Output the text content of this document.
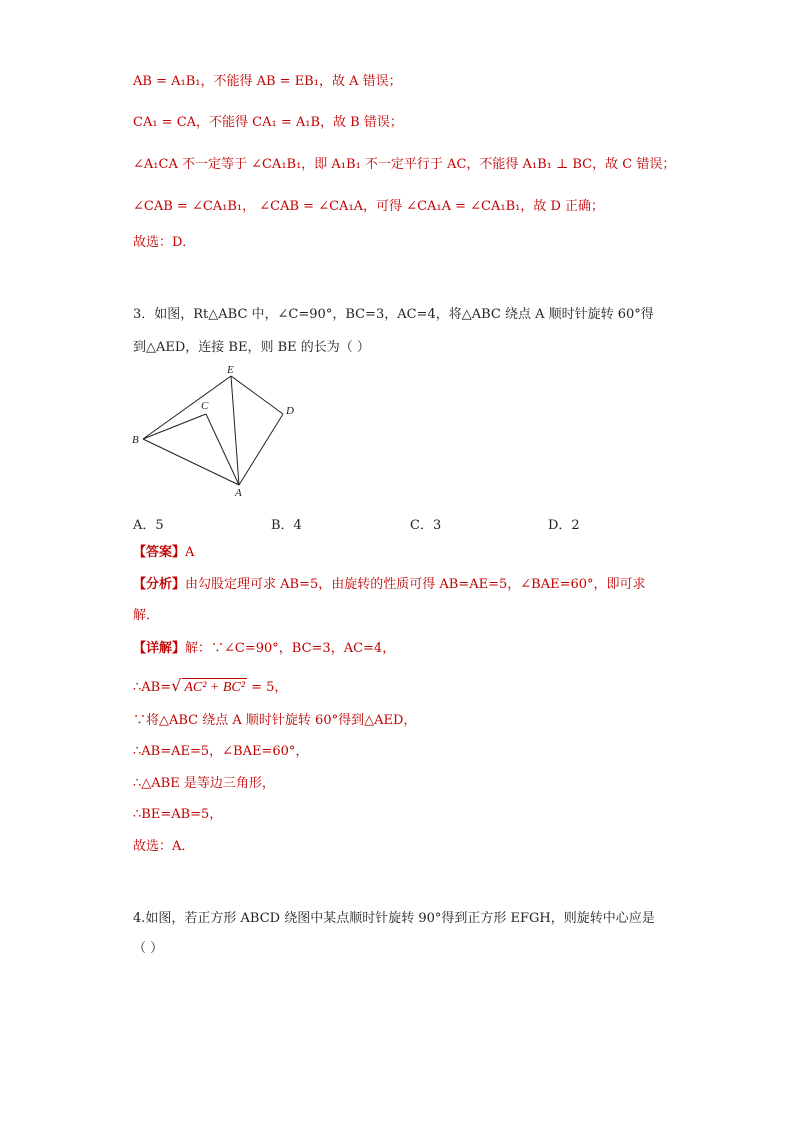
AB = A₁B₁，不能得 AB = EB₁，故 A 错误；
CA₁ = CA，不能得 CA₁ = A₁B，故 B 错误；
∠A₁CA 不一定等于 ∠CA₁B₁，即 A₁B₁ 不一定平行于 AC，不能得 A₁B₁ ⊥ BC，故 C 错误；
∠CAB = ∠CA₁B₁， ∠CAB = ∠CA₁A，可得 ∠CA₁A = ∠CA₁B₁，故 D 正确；
故选：D．
3．如图，Rt△ABC 中，∠C=90°，BC=3，AC=4，将△ABC 绕点 A 顺时针旋转 60°得
到△AED，连接 BE，则 BE 的长为（ ）
E
C	D
B
A
A．5	B．4	C．3	D．2
【答案】A
【分析】由勾股定理可求 AB=5，由旋转的性质可得 AB=AE=5，∠BAE=60°，即可求
解．
【详解】解：∵∠C=90°，BC=3，AC=4，
∴AB=√ AC² + BC² = 5，
∵将△ABC 绕点 A 顺时针旋转 60°得到△AED，
∴AB=AE=5，∠BAE=60°，
∴△ABE 是等边三角形，
∴BE=AB=5，
故选：A．
4.如图，若正方形 ABCD 绕图中某点顺时针旋转 90°得到正方形 EFGH，则旋转中心应是
（ ）
